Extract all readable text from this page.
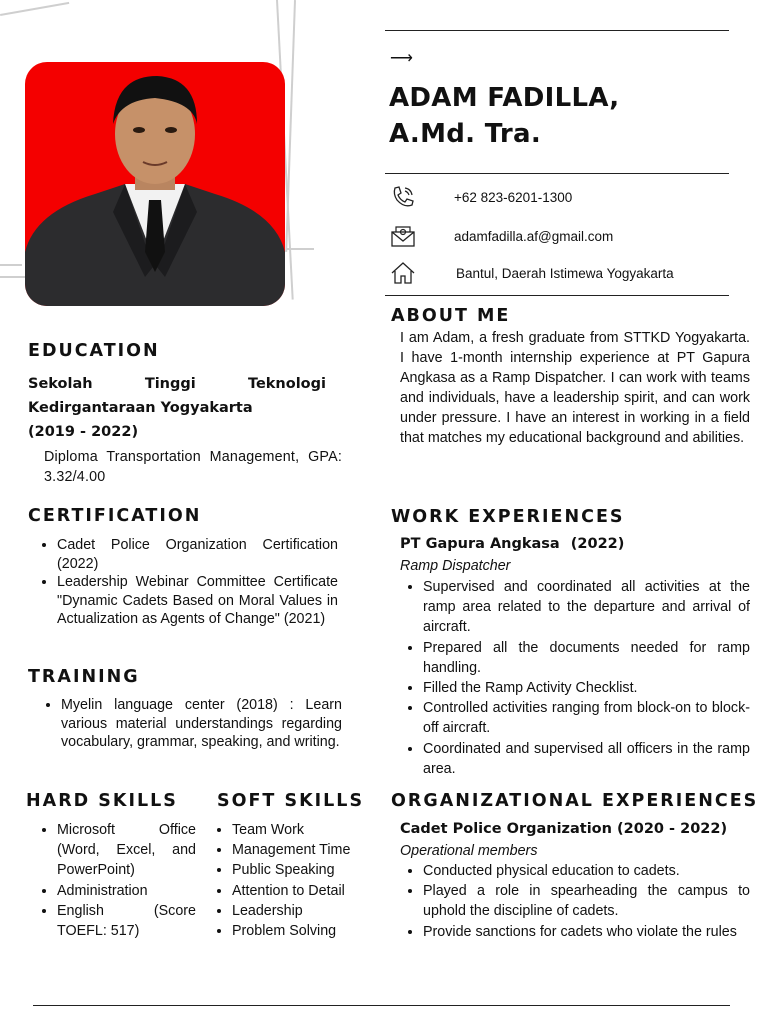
⟶
ADAM FADILLA,
A.Md. Tra.
+62 823-6201-1300
adamfadilla.af@gmail.com
Bantul, Daerah Istimewa Yogyakarta
ABOUT ME
I am Adam, a fresh graduate from STTKD Yogyakarta. I have 1-month internship experience at PT Gapura Angkasa as a Ramp Dispatcher. I can work with teams and individuals, have a leadership spirit, and can work under pressure. I have an interest in working in a field that matches my educational background and abilities.
EDUCATION
Sekolah Tinggi Teknologi
Kedirgantaraan Yogyakarta
(2019 - 2022)
Diploma Transportation Management, GPA: 3.32/4.00
CERTIFICATION
• Cadet Police Organization Certification (2022)
• Leadership Webinar Committee Certificate "Dynamic Cadets Based on Moral Values in Actualization as Agents of Change" (2021)
TRAINING
• Myelin language center (2018) : Learn various material understandings regarding vocabulary, grammar, speaking, and writing.
HARD SKILLS
• Microsoft Office (Word, Excel, and PowerPoint)
• Administration
• English (Score TOEFL: 517)
SOFT SKILLS
• Team Work
• Management Time
• Public Speaking
• Attention to Detail
• Leadership
• Problem Solving
WORK EXPERIENCES
PT Gapura Angkasa (2022)
Ramp Dispatcher
• Supervised and coordinated all activities at the ramp area related to the departure and arrival of aircraft.
• Prepared all the documents needed for ramp handling.
• Filled the Ramp Activity Checklist.
• Controlled activities ranging from block-on to block-off aircraft.
• Coordinated and supervised all officers in the ramp area.
ORGANIZATIONAL EXPERIENCES
Cadet Police Organization (2020 - 2022)
Operational members
• Conducted physical education to cadets.
• Played a role in spearheading the campus to uphold the discipline of cadets.
• Provide sanctions for cadets who violate the rules
